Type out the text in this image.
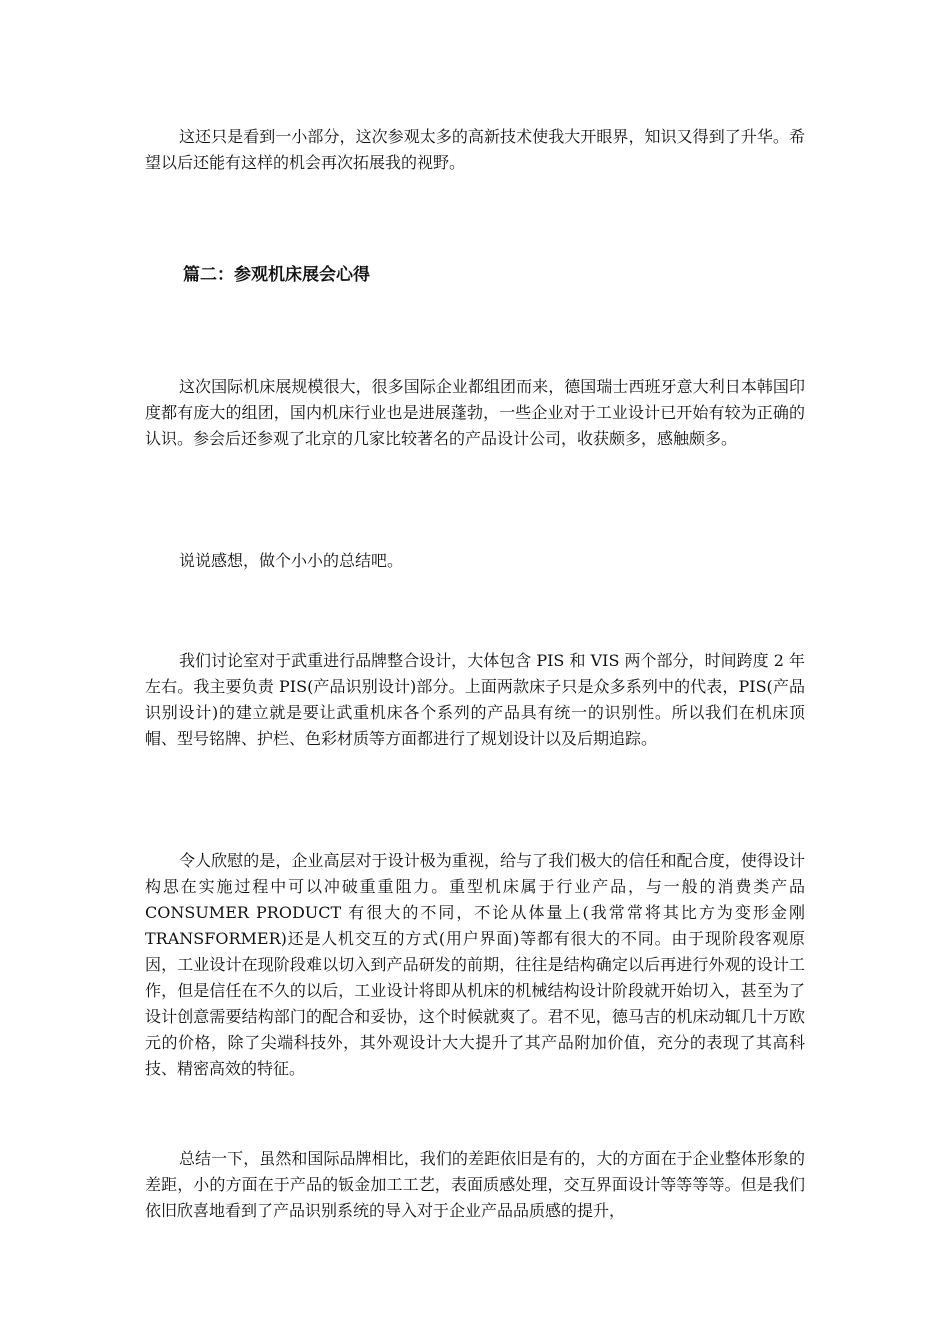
这还只是看到一小部分，这次参观太多的高新技术使我大开眼界，知识又得到了升华。希望以后还能有这样的机会再次拓展我的视野。

篇二：参观机床展会心得

这次国际机床展规模很大，很多国际企业都组团而来，德国瑞士西班牙意大利日本韩国印度都有庞大的组团，国内机床行业也是进展蓬勃，一些企业对于工业设计已开始有较为正确的认识。参会后还参观了北京的几家比较著名的产品设计公司，收获颇多，感触颇多。

说说感想，做个小小的总结吧。

我们讨论室对于武重进行品牌整合设计，大体包含 PIS 和 VIS 两个部分，时间跨度 2 年左右。我主要负责 PIS(产品识别设计)部分。上面两款床子只是众多系列中的代表，PIS(产品识别设计)的建立就是要让武重机床各个系列的产品具有统一的识别性。所以我们在机床顶帽、型号铭牌、护栏、色彩材质等方面都进行了规划设计以及后期追踪。

令人欣慰的是，企业高层对于设计极为重视，给与了我们极大的信任和配合度，使得设计构思在实施过程中可以冲破重重阻力。重型机床属于行业产品，与一般的消费类产品 CONSUMER PRODUCT 有很大的不同，不论从体量上(我常常将其比方为变形金刚 TRANSFORMER)还是人机交互的方式(用户界面)等都有很大的不同。由于现阶段客观原因，工业设计在现阶段难以切入到产品研发的前期，往往是结构确定以后再进行外观的设计工作，但是信任在不久的以后，工业设计将即从机床的机械结构设计阶段就开始切入，甚至为了设计创意需要结构部门的配合和妥协，这个时候就爽了。君不见，德马吉的机床动辄几十万欧元的价格，除了尖端科技外，其外观设计大大提升了其产品附加价值，充分的表现了其高科技、精密高效的特征。

总结一下，虽然和国际品牌相比，我们的差距依旧是有的，大的方面在于企业整体形象的差距，小的方面在于产品的钣金加工工艺，表面质感处理，交互界面设计等等等等。但是我们依旧欣喜地看到了产品识别系统的导入对于企业产品品质感的提升，
